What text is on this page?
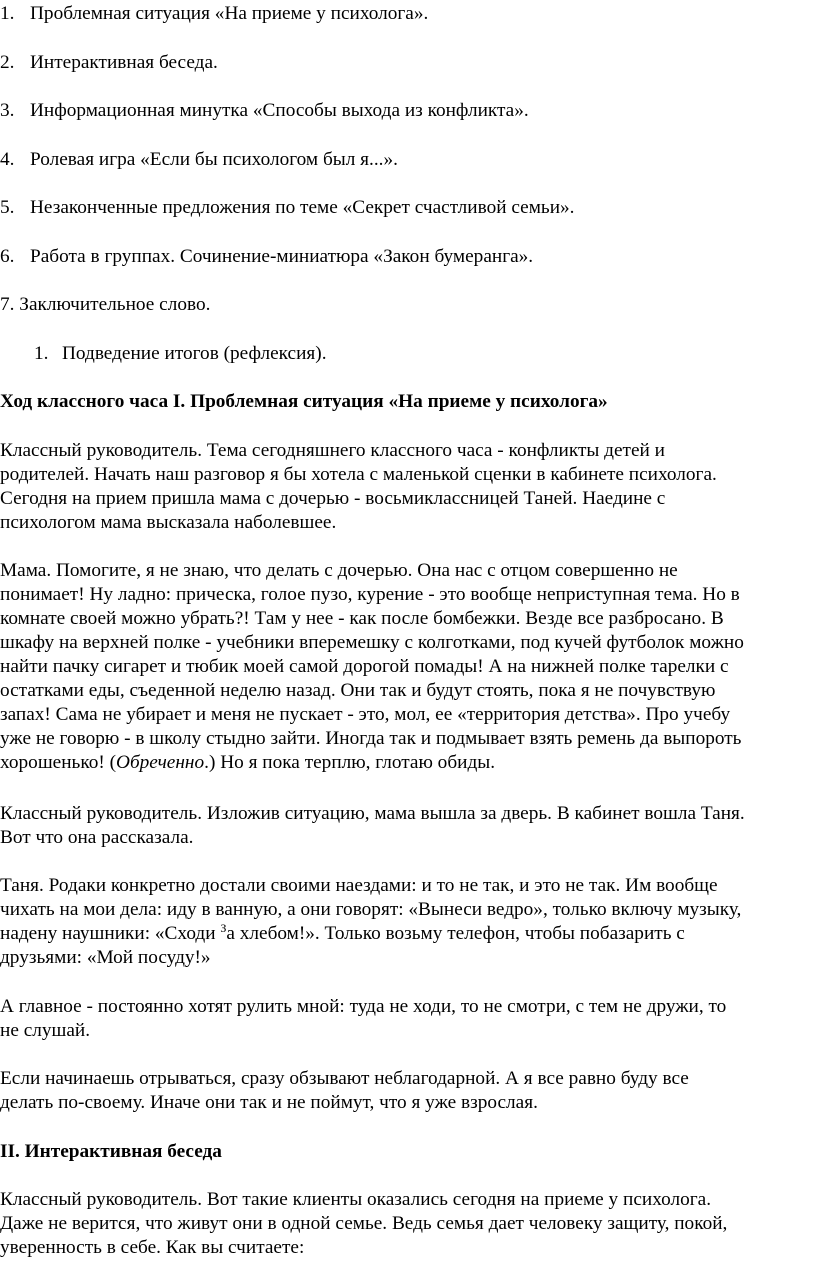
1. Проблемная ситуация «На приеме у психолога».
2. Интерактивная беседа.
3. Информационная минутка «Способы выхода из конфликта».
4. Ролевая игра «Если бы психологом был я...».
5. Незаконченные предложения по теме «Секрет счастливой семьи».
6. Работа в группах. Сочинение-миниатюра «Закон бумеранга».
7. Заключительное слово.
1. Подведение итогов (рефлексия).
Ход классного часа I. Проблемная ситуация «На приеме у психолога»
Классный руководитель. Тема сегодняшнего классного часа - конфликты детей и
родителей. Начать наш разговор я бы хотела с маленькой сценки в кабинете психолога.
Сегодня на прием пришла мама с дочерью - восьмиклассницей Таней. Наедине с
психологом мама высказала наболевшее.
Мама. Помогите, я не знаю, что делать с дочерью. Она нас с отцом совершенно не
понимает! Ну ладно: прическа, голое пузо, курение - это вообще неприступная тема. Но в
комнате своей можно убрать?! Там у нее - как после бомбежки. Везде все разбросано. В
шкафу на верхней полке - учебники вперемешку с колготками, под кучей футболок можно
найти пачку сигарет и тюбик моей самой дорогой помады! А на нижней полке тарелки с
остатками еды, съеденной неделю назад. Они так и будут стоять, пока я не почувствую
запах! Сама не убирает и меня не пускает - это, мол, ее «территория детства». Про учебу
уже не говорю - в школу стыдно зайти. Иногда так и подмывает взять ремень да выпороть
хорошенько! (Обреченно.) Но я пока терплю, глотаю обиды.
Классный руководитель. Изложив ситуацию, мама вышла за дверь. В кабинет вошла Таня.
Вот что она рассказала.
Таня. Родаки конкретно достали своими наездами: и то не так, и это не так. Им вообще
чихать на мои дела: иду в ванную, а они говорят: «Вынеси ведро», только включу музыку,
надену наушники: «Сходи $^З$а хлебом!». Только возьму телефон, чтобы побазарить с
друзьями: «Мой посуду!»
А главное - постоянно хотят рулить мной: туда не ходи, то не смотри, с тем не дружи, то
не слушай.
Если начинаешь отрываться, сразу обзывают неблагодарной. А я все равно буду все
делать по-своему. Иначе они так и не поймут, что я уже взрослая.
II. Интерактивная беседа
Классный руководитель. Вот такие клиенты оказались сегодня на приеме у психолога.
Даже не верится, что живут они в одной семье. Ведь семья дает человеку защиту, покой,
уверенность в себе. Как вы считаете:
